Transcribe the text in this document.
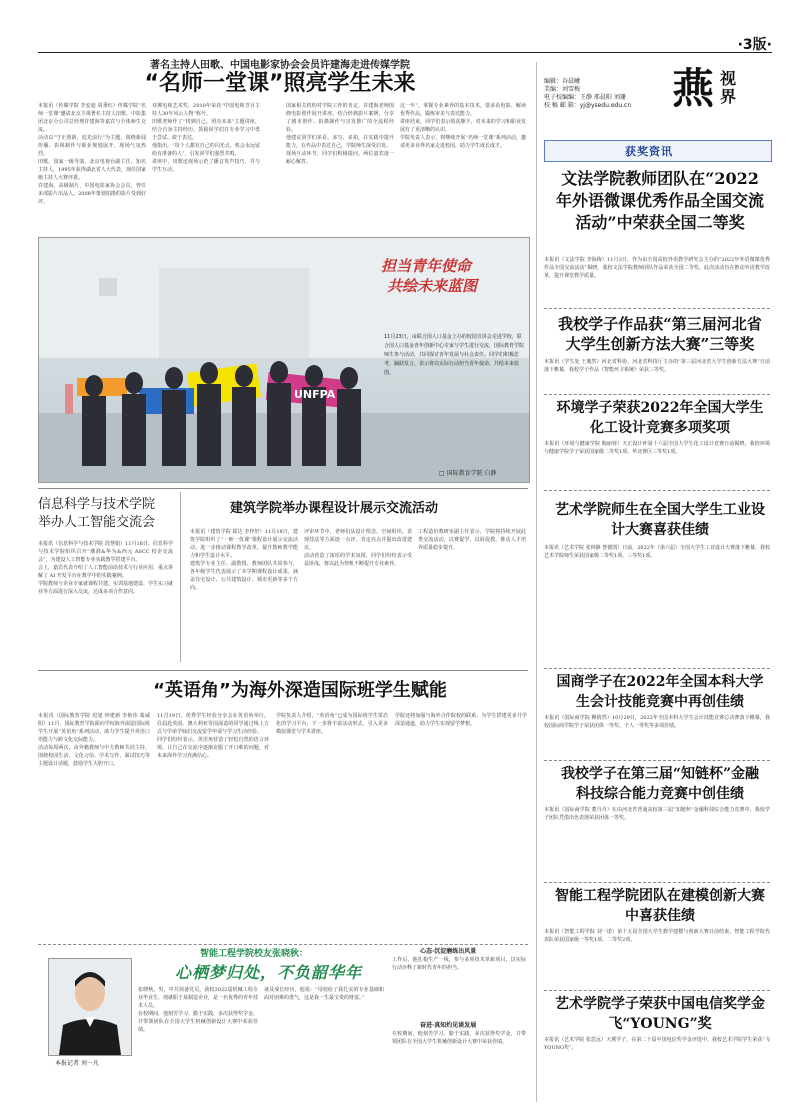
·3版·
燕 视界
编辑：谷晨曦
美编：刘雪梅
电子校编编：王静 邢晨阳 刘珊
校 稿 邮 箱：yj@ysedu.edu.cn
著名主持人田歌、中国电影家协会会员许建海走进传媒学院
“名师一堂课”照亮学生未来
本报讯（传媒学院 李安迪 周秉红）传媒学院“名师一堂课”邀请北京卫视著名主持人田歌、中影集团北京分公司总经理许建海等嘉宾与全体师生交流。
活动以“守正创新、追光前行”为主题，围绕新闻传播、影视制作与职业规划展开，现场气氛热烈。
田歌，国家一级导演，北京电视台副主任、知名主持人，1995年获得湖北省人大代表，现任国家级主持人大赛评委。
许建海，高级制片，中国电影家协会会员，曾任多部影片出品人，2008年策划拍摄的影片受到好评。
双翼电视艺术奖、2010年荣获“中国电视节目主持人30年风云人物”称号。
田歌老师作了“找到自己、照亮未来”主题讲座，结合自身主持经历，鼓励同学们在专业学习中勇于尝试、敢于表达。
他指出，“每个人都有自己的闪光点，机会永远留给有准备的人”，引发同学们强烈共鸣。
讲座中，田歌还现场示范了播音发声技巧，并与学生互动。
国家相关机构对学院工作的肯定。许建海老师围绕电影创作展开讲座，结合经典影片案例，分享了剧本创作、拍摄制作与宣发推广的全流程经验。
他建议同学们多看、多写、多拍，在实践中提升能力，在作品中表达自己，学院师生深受启发。
现场互动环节，同学们积极提问，两位嘉宾逐一耐心解答。
这一年”，掌握专业素养的基本技术，要多看电影、解读优秀作品，锻炼审美与表达能力。
讲座结束，同学们表示收获颇丰，对未来的学习和职业发展有了更清晰的认识。
学院负责人表示，将继续开展“名师一堂课”系列活动，邀请更多业界名家走进校园，助力学生成长成才。
UNFPA
担当青年使命
共绘未来蓝图
11月23日，由联合国人口基金上办的校园宣讲会走进学校，联合国人口基金青年创新中心专家与学生进行交流，国际教育学院师生参与活动，共同探讨青年发展与社会责任。同学们积极思考，踊跃发言，表示将以实际行动担当青年使命，共绘未来蓝图。
□ 国际教育学院 白静
信息科学与技术学院
举办人工智能交流会
本报讯（信息科学与技术学院 段慧娟）11月18日，信息科学与技术学院组织召开“潮湃&华为&西元 ASCC 校企交流会”，为建设人工智能专业实践教学搭建平台。
会上，嘉宾代表介绍了人工智能前沿技术与行业应用，重点讲解了 AI 开发平台在教学中的实践案例。
学院教师与企业专家就课程共建、实训基地建设、学生实习就业等方面进行深入交流，达成多项合作意向。
建筑学院举办课程设计展示交流活动
本报讯（建筑学院 霍达 李梓轩）11月18日，建筑学院组织了“一师一优课”课程设计展示交流活动，进一步推动课程教学改革，提升教师教学能力和学生设计水平。
建筑学专业主任、副教授、教师团队共同参与，各年级学生代表展示了本学期课程设计成果，涵盖住宅设计、公共建筑设计、城市更新等多个方向。
评审环节中，老师们从设计理念、空间组织、表现技法等方面逐一点评，肯定亮点并提出改进建议。
活动营造了浓厚的学术氛围，同学们纷纷表示受益匪浅，将以此为契机不断提升专业素养。
工程造价教研室副主任表示，学院将持续开展此类交流活动，以赛促学、以展促教，推动人才培养质量稳步提升。
“英语角”为海外深造国际班学生赋能
本报讯（国际教育学院 迟旭 钟建新 李艳伟 葛威阳）11月，国际教育学院面向学校海外深造国际班学生开展“英语角”系列活动，助力学生提升英语口语能力与跨文化交际能力。
活动每周两次，由外籍教师与中方教师共同主持，围绕校园生活、文化习俗、学术写作、面试技巧等主题设计话题，鼓励学生大胆开口。
11月19日，优秀学生经验分享会在英语角举行，往届赴英国、澳大利亚等国深造的同学通过线上方式与学弟学妹们交流留学申请与学习生活经验。
同学们纷纷表示，英语角营造了轻松自然的语言环境，让自己在交流中逐渐克服了开口难的问题，对未来海外学习充满信心。
学院负责人介绍，“英语角”已成为国际班学生常态化的学习平台，下一步将丰富活动形式，引入更多模拟课堂与学术讲座。
学院还将加强与海外合作院校的联系，为学生搭建更多升学深造通道，助力学生实现留学梦想。
本报记者 刘一凡
智能工程学院校友张晓秋：
心栖梦归处，不负韶华年
张晓秋，男，中共预备党员，我校2022届机械工程专业毕业生，现就职于某制造企业，是一名优秀的青年技术人员。
在校期间，他刻苦学习、勤于实践，多次获得奖学金，并带领团队在全国大学生机械创新设计大赛中荣获佳绩。
谈及成长经历，他说：“母校给了我扎实的专业基础和面对困难的勇气，这是我一生最宝贵的财富。”
心态·沉淀磨练出风景
工作后，他扎根生产一线，参与多项技术革新项目，以实际行动诠释了新时代青年的担当。
奋进·真知灼见谈发展
在校期间，他刻苦学习、勤于实践，多次获得奖学金，并带领团队在全国大学生机械创新设计大赛中荣获佳绩。
获奖资讯
文法学院教师团队在“2022年外语微课优秀作品全国交流活动”中荣获全国二等奖
本报讯（文法学院 李海梅）11月3日，作为由全国高校外语教学研究会主办的“2022年外语微课优秀作品全国交流活动”揭晓，我校文法学院教师团队作品荣获全国二等奖。此次活动旨在推动外语教学改革，提升课堂教学质量。
我校学子作品获“第三届河北省大学生创新方法大赛”三等奖
本报讯（学生处 王胤然）河北省科协、河北省科技厅主办的“第三届河北省大学生创新方法大赛”日前落下帷幕，我校学子作品《智能环卫系统》荣获三等奖。
环境学子荣获2022年全国大学生化工设计竞赛多项奖项
本报讯（环境与健康学院 陶丽蓉）天正设计杯第十六届全国大学生化工设计竞赛日前揭晓，我校环境与健康学院学子荣获国家级二等奖1项、华北赛区三等奖1项。
艺术学院师生在全国大学生工业设计大赛喜获佳绩
本报讯（艺术学院 张林静 曾德凯）日前，2022年（第六届）全国大学生工业设计大赛落下帷幕，我校艺术学院师生荣获国家级二等奖1项、三等奖1项。
国商学子在2022年全国本科大学生会计技能竞赛中再创佳绩
本报讯（国际商学院 柳倩然）10月29日，2022年全国本科大学生会计技能竞赛总决赛落下帷幕，我校国际商学院学子荣获团体一等奖、个人一等奖等多项佳绩。
我校学子在第三届“知链杯”金融科技综合能力竞赛中创佳绩
本报讯（国际商学院 董丹丹）在由河北省普通高校第三届“知链杯”金融科技综合能力竞赛中，我校学子团队凭借出色表现荣获团体一等奖。
智能工程学院团队在建模创新大赛中喜获佳绩
本报讯（智能工程学院 刘一诺）第十五届全国大学生数学建模与创新大赛日前结束，智能工程学院代表队荣获国家级一等奖1项、二等奖2项。
艺术学院学子荣获中国电信奖学金飞“YOUNG”奖
本报讯（艺术学院 张思远）天翼学子，在第二十届中国电信奖学金评选中，我校艺术学院学生荣获“飞YOUNG奖”。
